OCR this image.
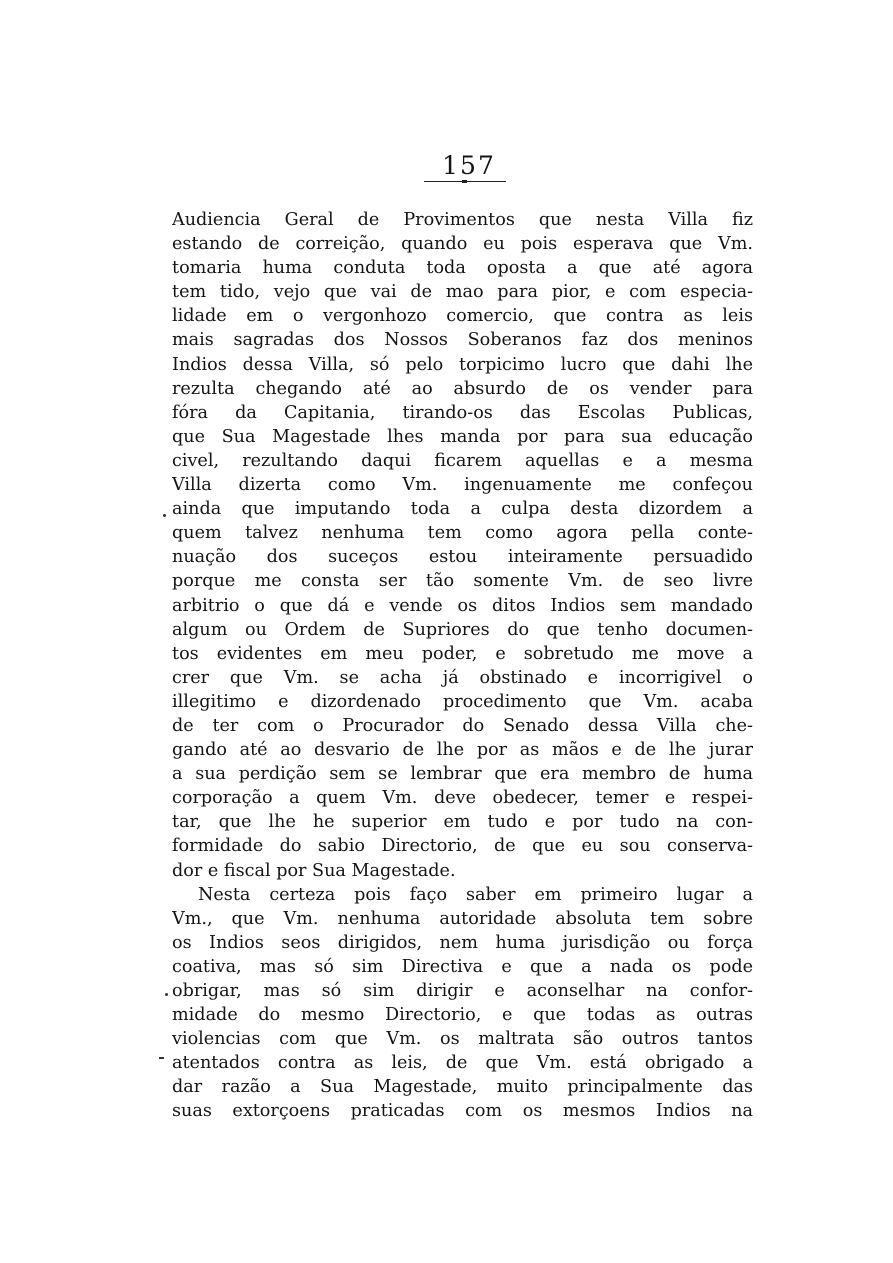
157
Audiencia Geral de Provimentos que nesta Villa fiz
estando de correição, quando eu pois esperava que Vm.
tomaria huma conduta toda oposta a que até agora
tem tido, vejo que vai de mao para pior, e com especia-
lidade em o vergonhozo comercio, que contra as leis
mais sagradas dos Nossos Soberanos faz dos meninos
Indios dessa Villa, só pelo torpicimo lucro que dahi lhe
rezulta chegando até ao absurdo de os vender para
fóra da Capitania, tirando-os das Escolas Publicas,
que Sua Magestade lhes manda por para sua educação
civel, rezultando daqui ficarem aquellas e a mesma
Villa dizerta como Vm. ingenuamente me confeçou
ainda que imputando toda a culpa desta dizordem a
quem talvez nenhuma tem como agora pella conte-
nuação dos suceços estou inteiramente persuadido
porque me consta ser tão somente Vm. de seo livre
arbitrio o que dá e vende os ditos Indios sem mandado
algum ou Ordem de Supriores do que tenho documen-
tos evidentes em meu poder, e sobretudo me move a
crer que Vm. se acha já obstinado e incorrigivel o
illegitimo e dizordenado procedimento que Vm. acaba
de ter com o Procurador do Senado dessa Villa che-
gando até ao desvario de lhe por as mãos e de lhe jurar
a sua perdição sem se lembrar que era membro de huma
corporação a quem Vm. deve obedecer, temer e respei-
tar, que lhe he superior em tudo e por tudo na con-
formidade do sabio Directorio, de que eu sou conserva-
dor e fiscal por Sua Magestade.
Nesta certeza pois faço saber em primeiro lugar a
Vm., que Vm. nenhuma autoridade absoluta tem sobre
os Indios seos dirigidos, nem huma jurisdição ou força
coativa, mas só sim Directiva e que a nada os pode
obrigar, mas só sim dirigir e aconselhar na confor-
midade do mesmo Directorio, e que todas as outras
violencias com que Vm. os maltrata são outros tantos
atentados contra as leis, de que Vm. está obrigado a
dar razão a Sua Magestade, muito principalmente das
suas extorçoens praticadas com os mesmos Indios na
